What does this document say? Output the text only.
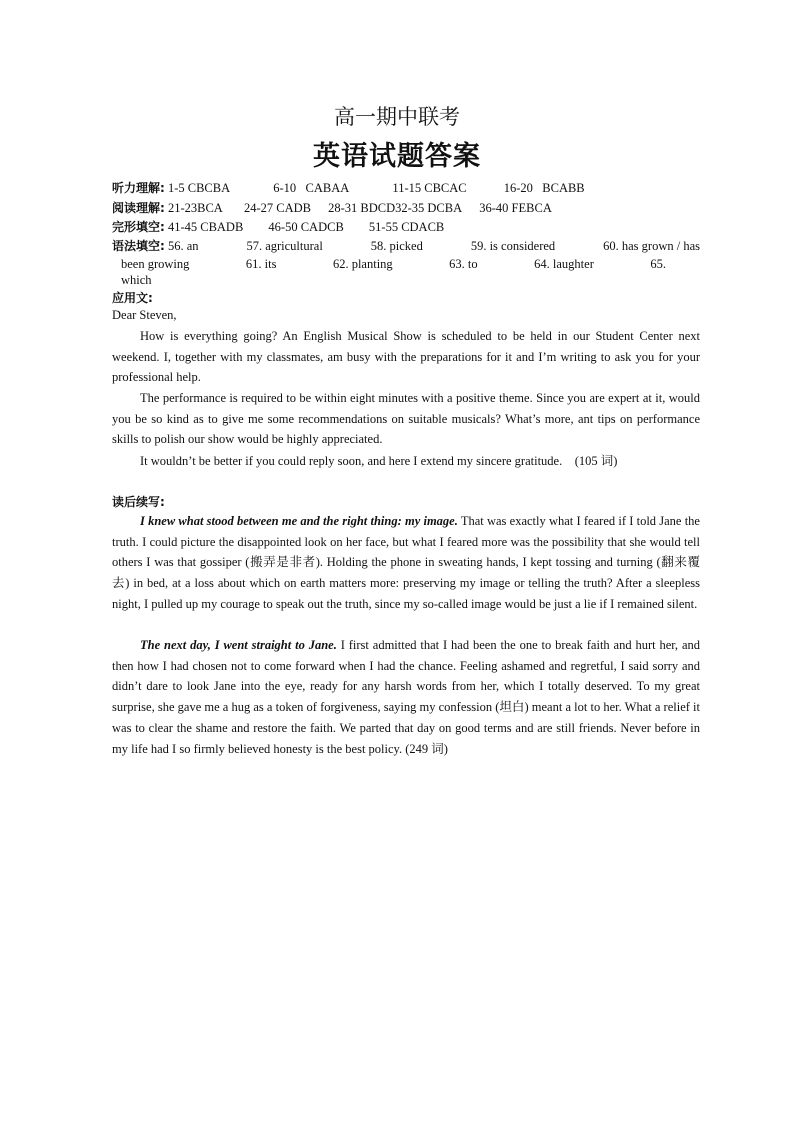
高一期中联考
英语试题答案
听力理解: 1-5 CBCBA	6-10   CABAA	11-15 CBCAC	16-20   BCABB
阅读理解: 21-23BCA 24-27 CADB 28-31 BDCD32-35 DCBA 36-40 FEBCA
完形填空: 41-45 CBADB 46-50 CADCB 51-55 CDACB
语法填空: 56. an	57. agricultural	58. picked	59. is considered	60. has grown / has
been growing	61. its	62. planting	63. to	64. laughter	65.
which
应用文:
Dear Steven,
How is everything going? An English Musical Show is scheduled to be held in our Student Center next weekend. I, together with my classmates, am busy with the preparations for it and I’m writing to ask you for your professional help.
The performance is required to be within eight minutes with a positive theme. Since you are expert at it, would you be so kind as to give me some recommendations on suitable musicals? What’s more, ant tips on performance skills to polish our show would be highly appreciated.
It wouldn’t be better if you could reply soon, and here I extend my sincere gratitude.    (105 词)
读后续写:
I knew what stood between me and the right thing: my image. That was exactly what I feared if I told Jane the truth. I could picture the disappointed look on her face, but what I feared more was the possibility that she would tell others I was that gossiper (搬弄是非者). Holding the phone in sweating hands, I kept tossing and turning (翻来覆去) in bed, at a loss about which on earth matters more: preserving my image or telling the truth? After a sleepless night, I pulled up my courage to speak out the truth, since my so-called image would be just a lie if I remained silent.
The next day, I went straight to Jane. I first admitted that I had been the one to break faith and hurt her, and then how I had chosen not to come forward when I had the chance. Feeling ashamed and regretful, I said sorry and didn’t dare to look Jane into the eye, ready for any harsh words from her, which I totally deserved. To my great surprise, she gave me a hug as a token of forgiveness, saying my confession (坦白) meant a lot to her. What a relief it was to clear the shame and restore the faith. We parted that day on good terms and are still friends. Never before in my life had I so firmly believed honesty is the best policy. (249 词)
